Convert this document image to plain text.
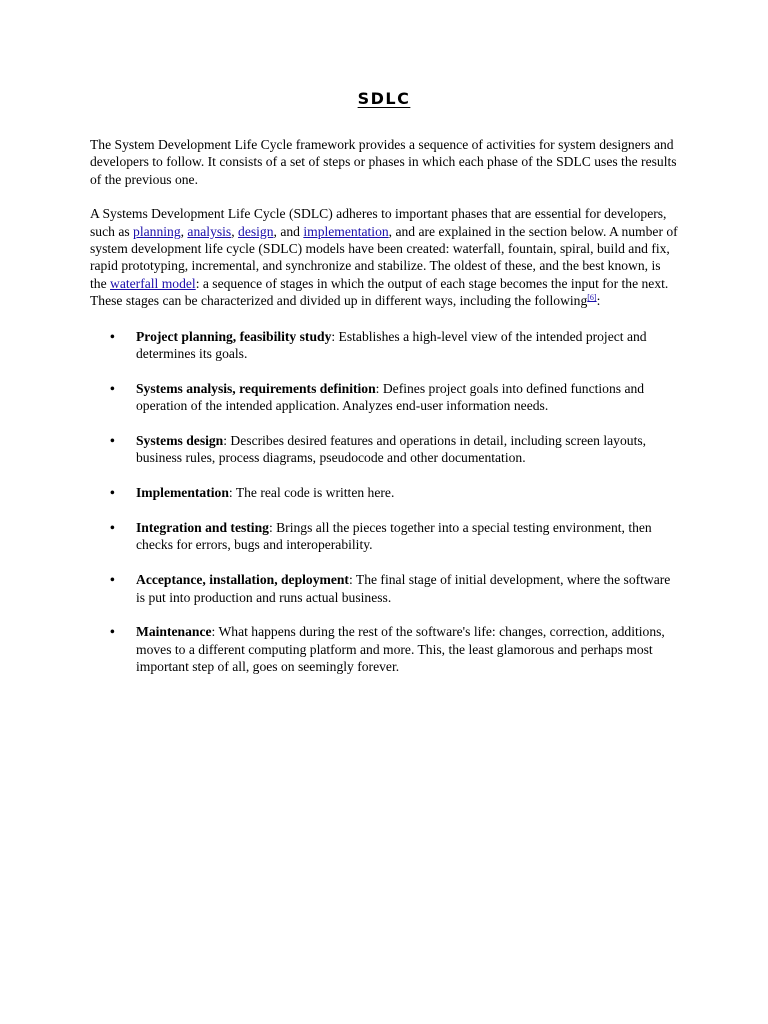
SDLC

The System Development Life Cycle framework provides a sequence of activities for system designers and developers to follow. It consists of a set of steps or phases in which each phase of the SDLC uses the results of the previous one.

A Systems Development Life Cycle (SDLC) adheres to important phases that are essential for developers, such as planning, analysis, design, and implementation, and are explained in the section below. A number of system development life cycle (SDLC) models have been created: waterfall, fountain, spiral, build and fix, rapid prototyping, incremental, and synchronize and stabilize. The oldest of these, and the best known, is the waterfall model: a sequence of stages in which the output of each stage becomes the input for the next. These stages can be characterized and divided up in different ways, including the following[6]:

• Project planning, feasibility study: Establishes a high-level view of the intended project and determines its goals.
• Systems analysis, requirements definition: Defines project goals into defined functions and operation of the intended application. Analyzes end-user information needs.
• Systems design: Describes desired features and operations in detail, including screen layouts, business rules, process diagrams, pseudocode and other documentation.
• Implementation: The real code is written here.
• Integration and testing: Brings all the pieces together into a special testing environment, then checks for errors, bugs and interoperability.
• Acceptance, installation, deployment: The final stage of initial development, where the software is put into production and runs actual business.
• Maintenance: What happens during the rest of the software's life: changes, correction, additions, moves to a different computing platform and more. This, the least glamorous and perhaps most important step of all, goes on seemingly forever.
